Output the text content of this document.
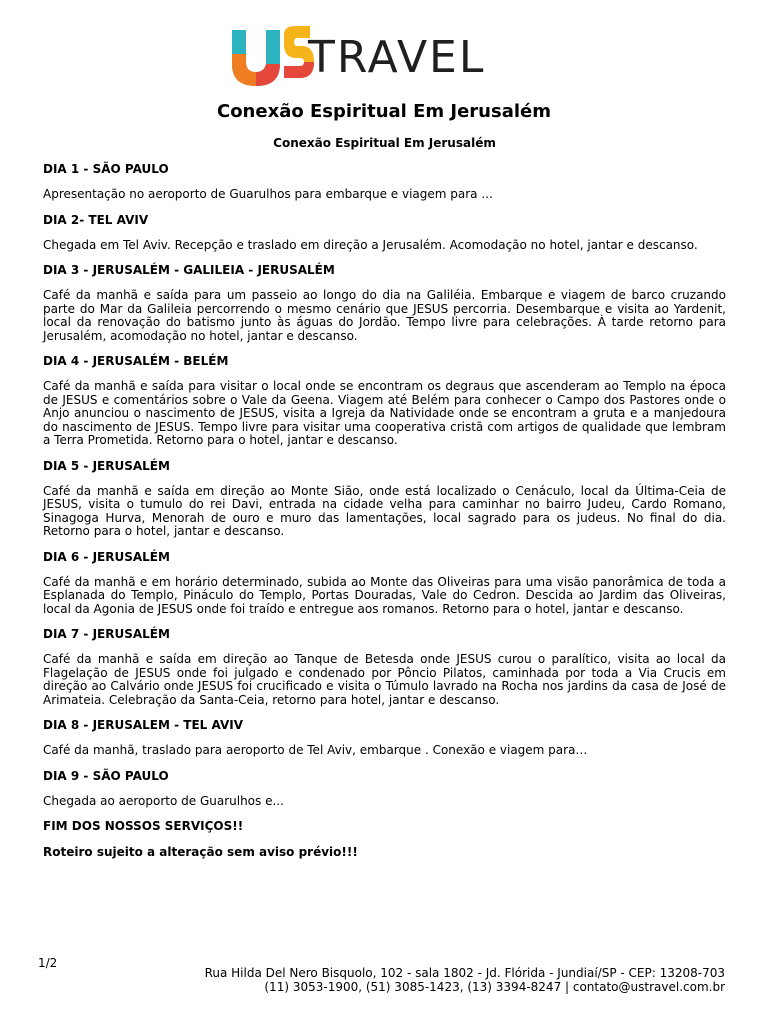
TRAVEL
Conexão Espiritual Em Jerusalém
Conexão Espiritual Em Jerusalém
DIA 1 - SÃO PAULO
Apresentação no aeroporto de Guarulhos para embarque e viagem para ...
DIA 2- TEL AVIV
Chegada em Tel Aviv. Recepção e traslado em direção a Jerusalém. Acomodação no hotel, jantar e descanso.
DIA 3 - JERUSALÉM - GALILEIA - JERUSALÉM
Café da manhã e saída para um passeio ao longo do dia na Galiléia. Embarque e viagem de barco cruzando parte do Mar da Galileia percorrendo o mesmo cenário que JESUS percorria. Desembarque e visita ao Yardenit, local da renovação do batismo junto às águas do Jordão. Tempo livre para celebrações. À tarde retorno para Jerusalém, acomodação no hotel, jantar e descanso.
DIA 4 - JERUSALÉM - BELÉM
Café da manhã e saída para visitar o local onde se encontram os degraus que ascenderam ao Templo na época de JESUS e comentários sobre o Vale da Geena. Viagem até Belém para conhecer o Campo dos Pastores onde o Anjo anunciou o nascimento de JESUS, visita a Igreja da Natividade onde se encontram a gruta e a manjedoura do nascimento de JESUS. Tempo livre para visitar uma cooperativa cristã com artigos de qualidade que lembram a Terra Prometida. Retorno para o hotel, jantar e descanso.
DIA 5 - JERUSALÉM
Café da manhã e saída em direção ao Monte Sião, onde está localizado o Cenáculo, local da Última-Ceia de JESUS, visita o tumulo do rei Davi, entrada na cidade velha para caminhar no bairro Judeu, Cardo Romano, Sinagoga Hurva, Menorah de ouro e muro das lamentações, local sagrado para os judeus. No final do dia. Retorno para o hotel, jantar e descanso.
DIA 6 - JERUSALÉM
Café da manhã e em horário determinado, subida ao Monte das Oliveiras para uma visão panorâmica de toda a Esplanada do Templo, Pináculo do Templo, Portas Douradas, Vale do Cedron. Descida ao Jardim das Oliveiras, local da Agonia de JESUS onde foi traído e entregue aos romanos. Retorno para o hotel, jantar e descanso.
DIA 7 - JERUSALÉM
Café da manhã e saída em direção ao Tanque de Betesda onde JESUS curou o paralítico, visita ao local da Flagelação de JESUS onde foi julgado e condenado por Pôncio Pilatos, caminhada por toda a Via Crucis em direção ao Calvário onde JESUS foi crucificado e visita o Túmulo lavrado na Rocha nos jardins da casa de José de Arimateia. Celebração da Santa-Ceia, retorno para hotel, jantar e descanso.
DIA 8 - JERUSALEM - TEL AVIV
Café da manhã, traslado para aeroporto de Tel Aviv, embarque . Conexão e viagem para…
DIA 9 - SÃO PAULO
Chegada ao aeroporto de Guarulhos e...
FIM DOS NOSSOS SERVIÇOS!!
Roteiro sujeito a alteração sem aviso prévio!!!
1/2
Rua Hilda Del Nero Bisquolo, 102 - sala 1802 - Jd. Flórida - Jundiaí/SP - CEP: 13208-703
(11) 3053-1900, (51) 3085-1423, (13) 3394-8247 | contato@ustravel.com.br
